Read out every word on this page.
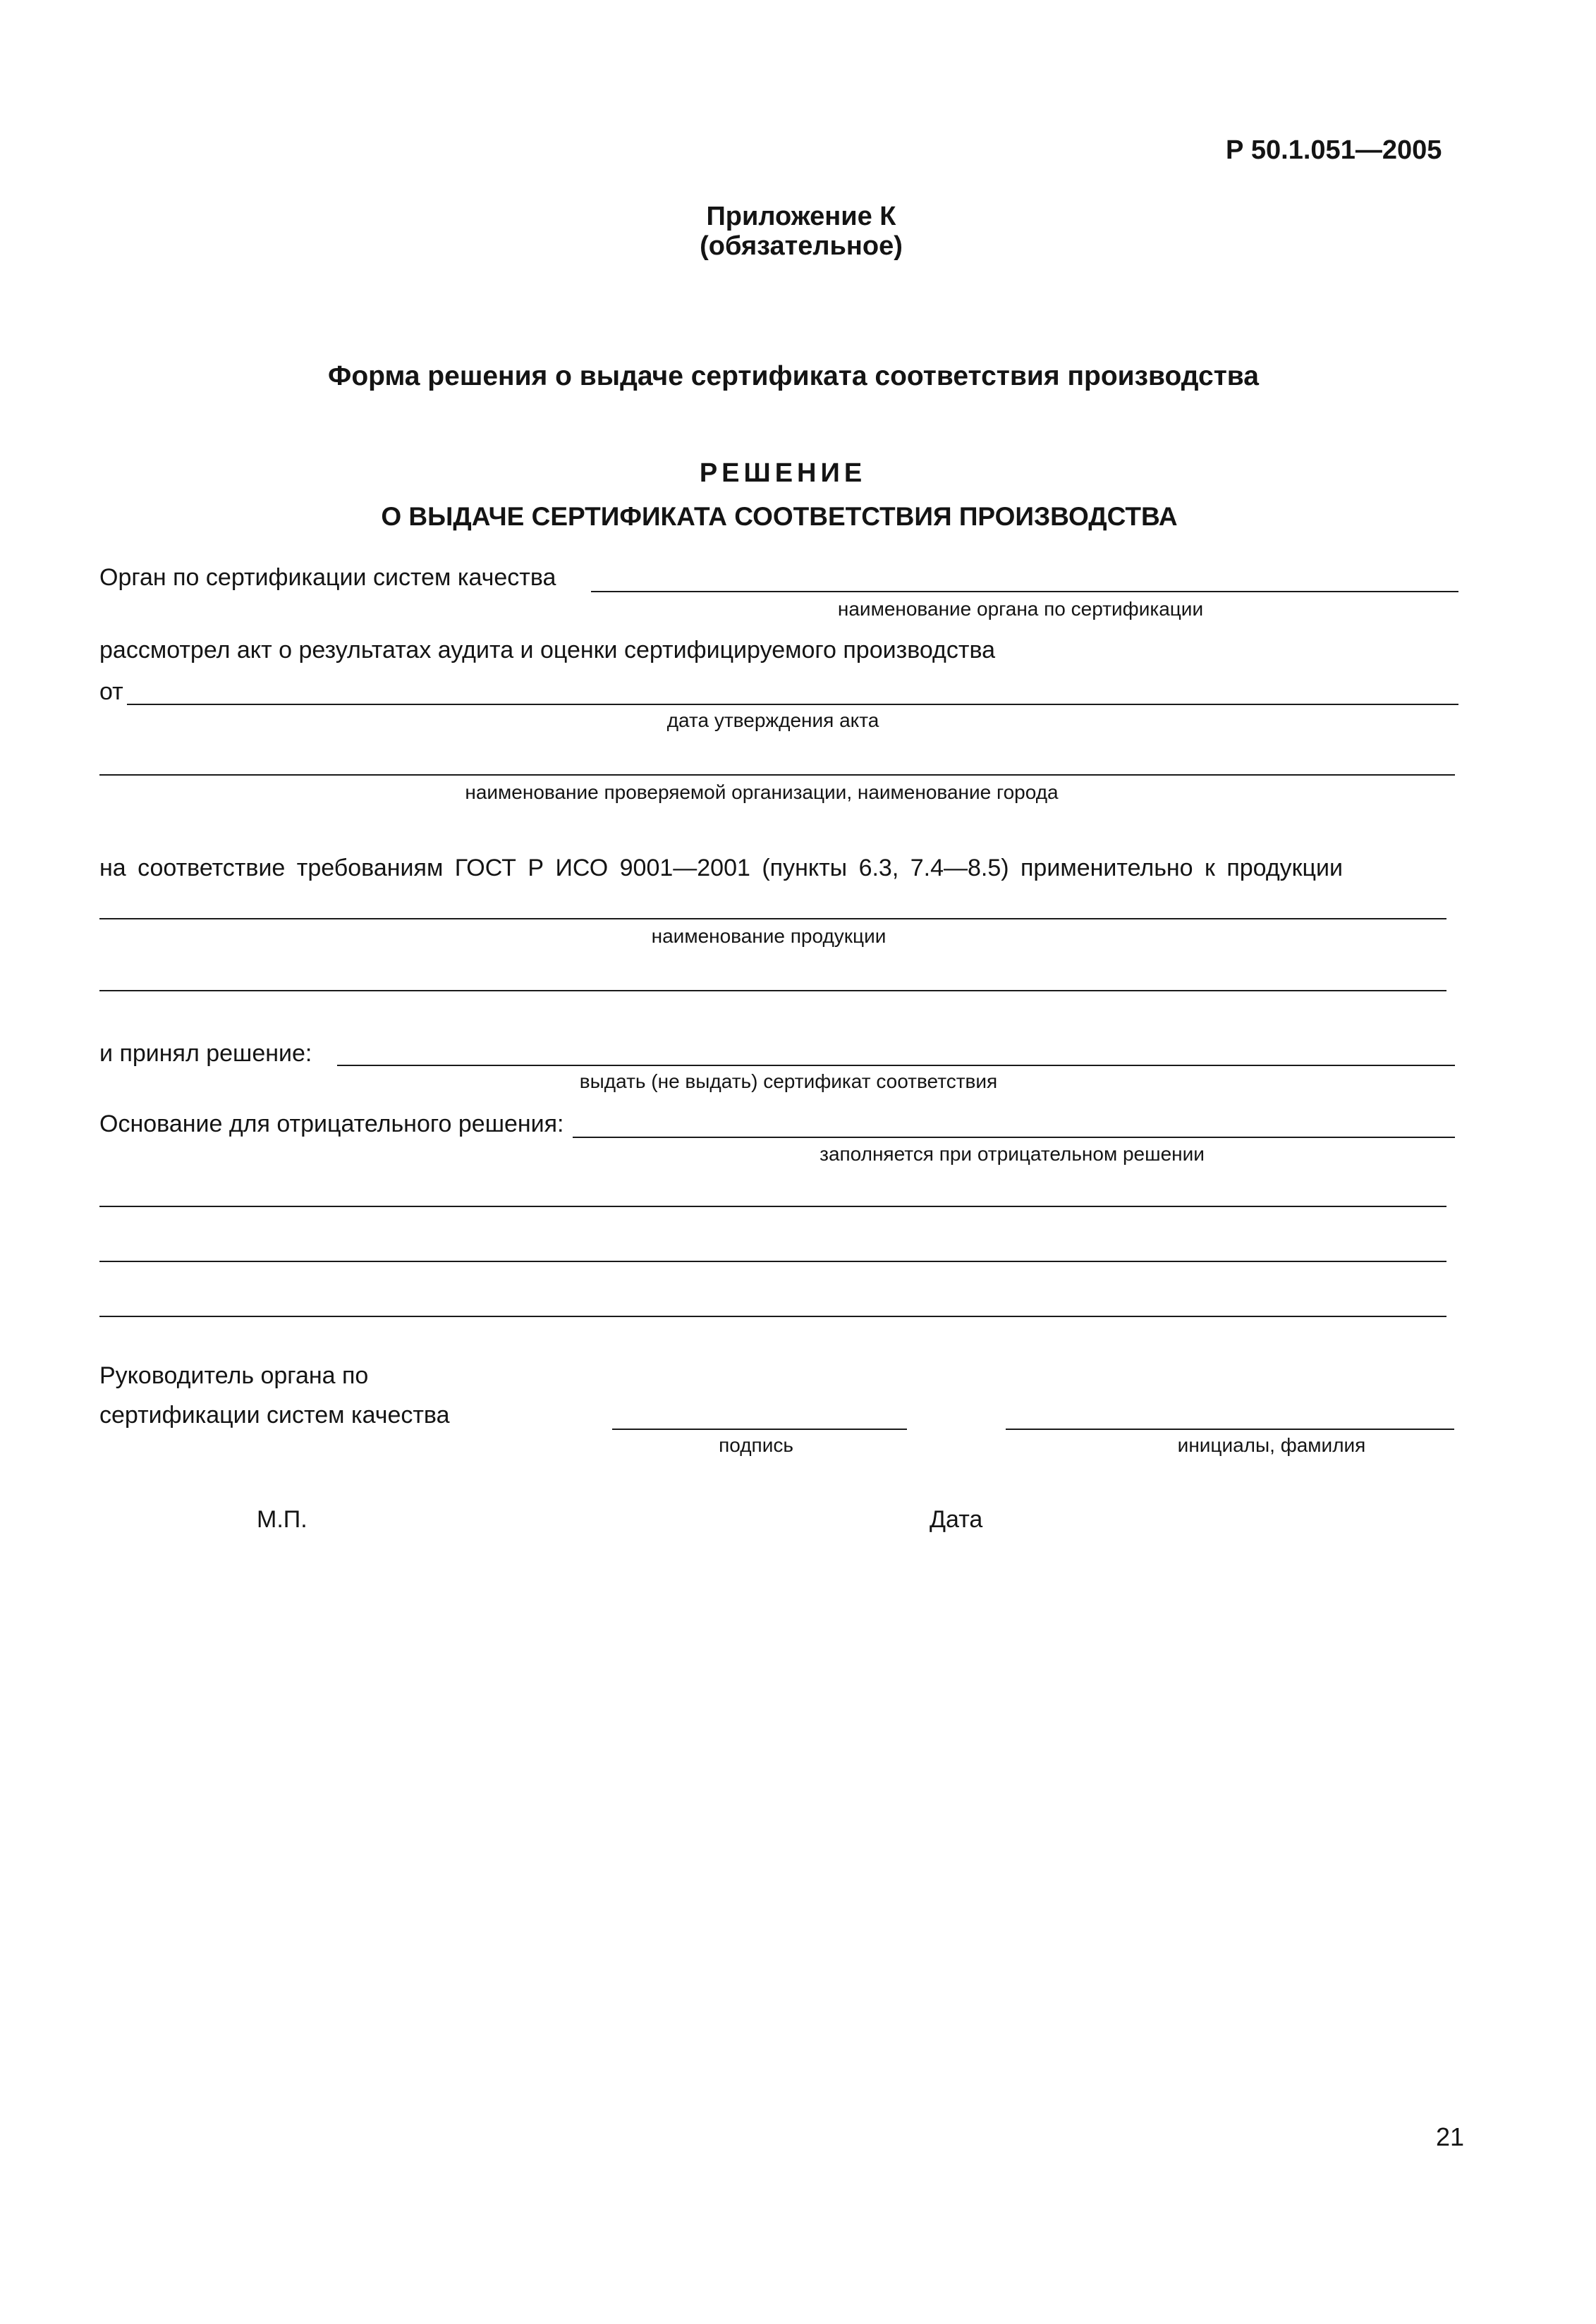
Р 50.1.051—2005
Приложение К
(обязательное)
Форма решения о выдаче сертификата соответствия производства
РЕШЕНИЕ
О ВЫДАЧЕ СЕРТИФИКАТА СООТВЕТСТВИЯ ПРОИЗВОДСТВА
Орган по сертификации систем качества
наименование органа по сертификации
рассмотрел акт о результатах аудита и оценки сертифицируемого производства
от
дата утверждения акта
наименование проверяемой организации, наименование города
на соответствие требованиям ГОСТ Р ИСО 9001—2001 (пункты 6.3, 7.4—8.5) применительно к продукции
наименование продукции
и принял решение:
выдать (не выдать) сертификат соответствия
Основание для отрицательного решения:
заполняется при отрицательном решении
Руководитель органа по
сертификации систем качества
подпись	инициалы, фамилия
М.П.	Дата
21
